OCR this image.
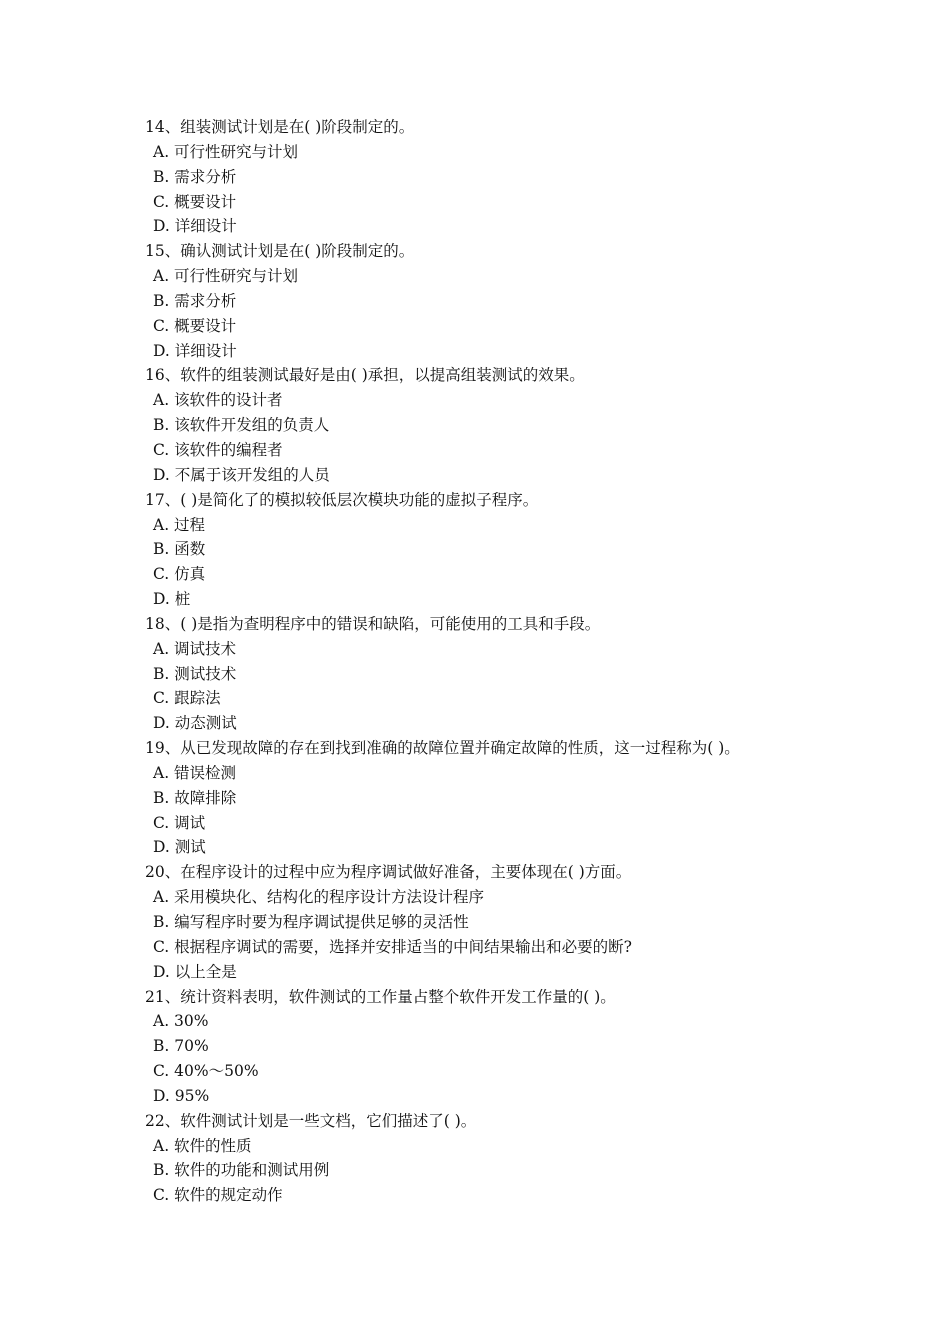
14、组装测试计划是在( )阶段制定的。
A. 可行性研究与计划
B. 需求分析
C. 概要设计
D. 详细设计
15、确认测试计划是在( )阶段制定的。
A. 可行性研究与计划
B. 需求分析
C. 概要设计
D. 详细设计
16、软件的组装测试最好是由( )承担，以提高组装测试的效果。
A. 该软件的设计者
B. 该软件开发组的负责人
C. 该软件的编程者
D. 不属于该开发组的人员
17、( )是简化了的模拟较低层次模块功能的虚拟子程序。
A. 过程
B. 函数
C. 仿真
D. 桩
18、( )是指为查明程序中的错误和缺陷，可能使用的工具和手段。
A. 调试技术
B. 测试技术
C. 跟踪法
D. 动态测试
19、从已发现故障的存在到找到准确的故障位置并确定故障的性质，这一过程称为( )。
A. 错误检测
B. 故障排除
C. 调试
D. 测试
20、在程序设计的过程中应为程序调试做好准备，主要体现在( )方面。
A. 采用模块化、结构化的程序设计方法设计程序
B. 编写程序时要为程序调试提供足够的灵活性
C. 根据程序调试的需要，选择并安排适当的中间结果输出和必要的断?
D. 以上全是
21、统计资料表明，软件测试的工作量占整个软件开发工作量的( )。
A. 30%
B. 70%
C. 40%～50%
D. 95%
22、软件测试计划是一些文档，它们描述了( )。
A. 软件的性质
B. 软件的功能和测试用例
C. 软件的规定动作
